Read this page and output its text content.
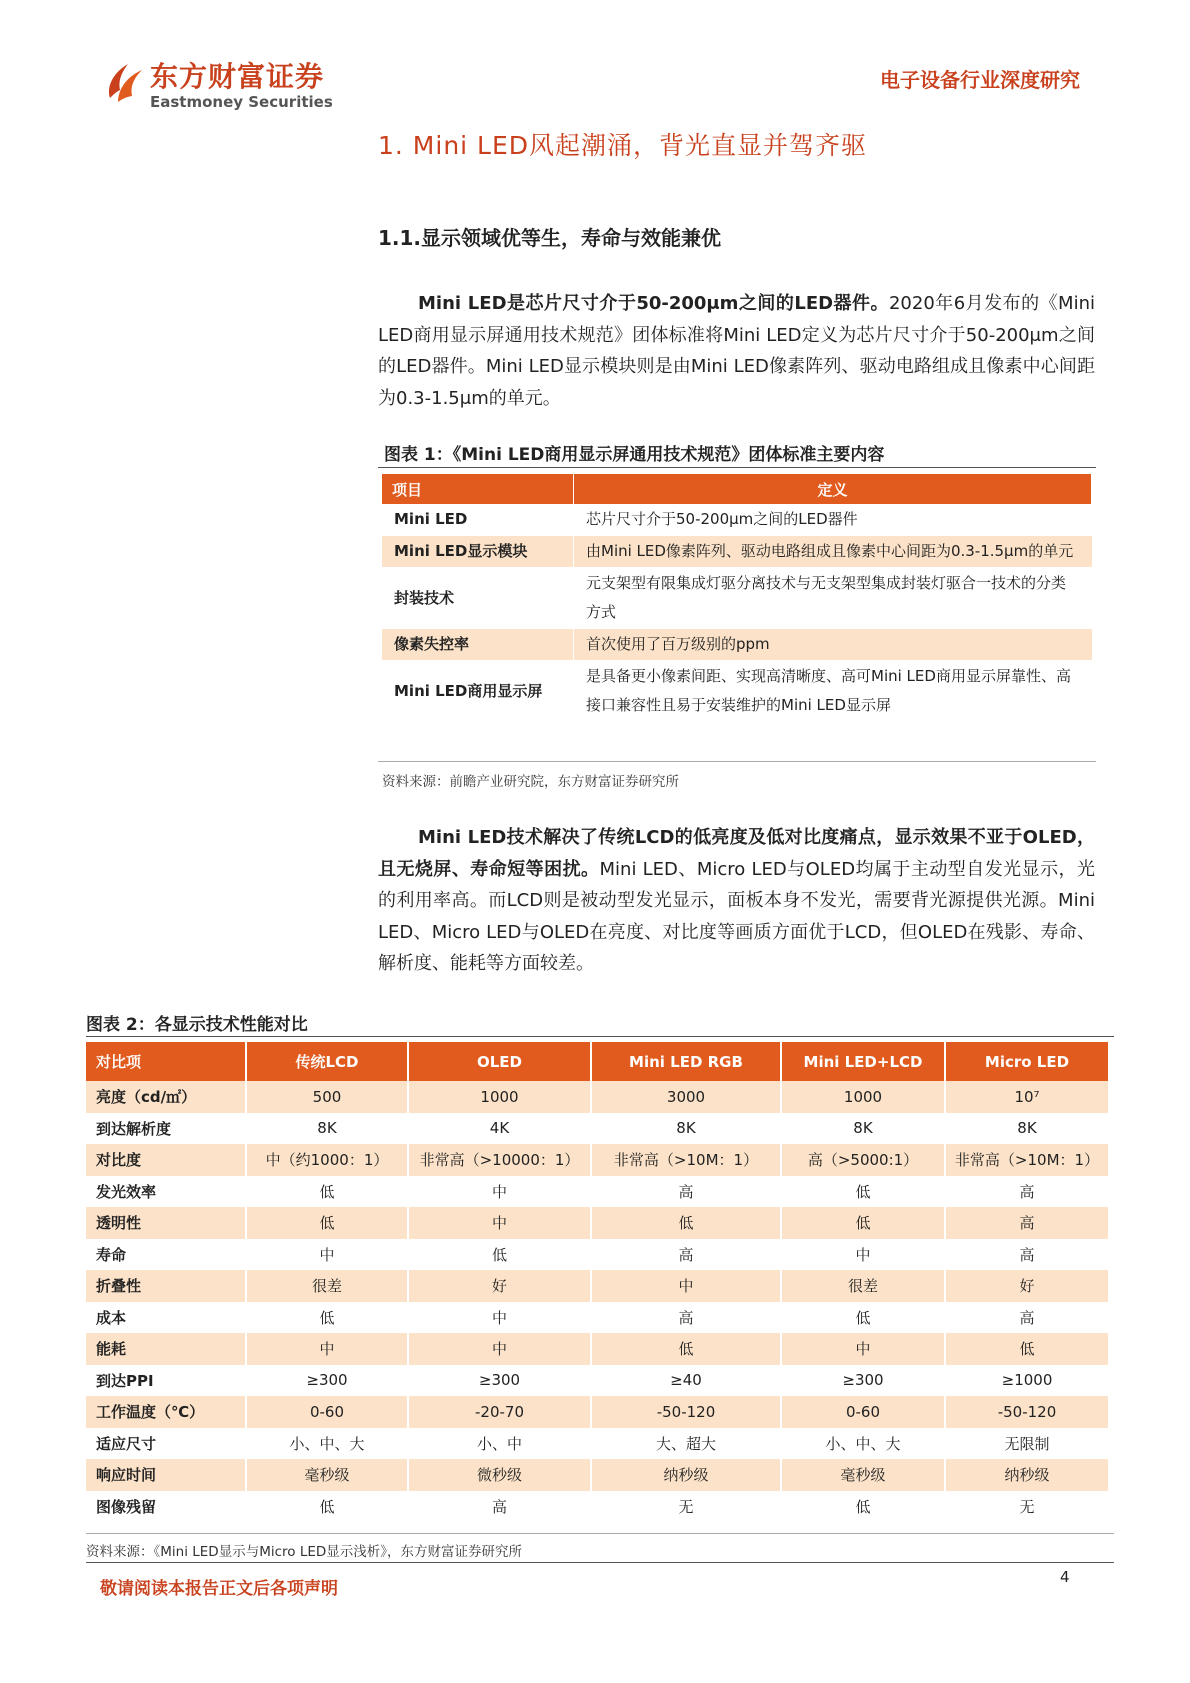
东方财富证券
Eastmoney Securities
电子设备行业深度研究
1. Mini LED风起潮涌，背光直显并驾齐驱
1.1.显示领域优等生，寿命与效能兼优
Mini LED是芯片尺寸介于50-200μm之间的LED器件。2020年6月发布的《Mini LED商用显示屏通用技术规范》团体标准将Mini LED定义为芯片尺寸介于50-200μm之间的LED器件。Mini LED显示模块则是由Mini LED像素阵列、驱动电路组成且像素中心间距为0.3-1.5μm的单元。
图表 1：《Mini LED商用显示屏通用技术规范》团体标准主要内容
项目	定义
Mini LED	芯片尺寸介于50-200μm之间的LED器件
Mini LED显示模块	由Mini LED像素阵列、驱动电路组成且像素中心间距为0.3-1.5μm的单元
封装技术	元支架型有限集成灯驱分离技术与无支架型集成封装灯驱合一技术的分类方式
像素失控率	首次使用了百万级别的ppm
Mini LED商用显示屏	是具备更小像素间距、实现高清晰度、高可Mini LED商用显示屏靠性、高接口兼容性且易于安装维护的Mini LED显示屏
资料来源：前瞻产业研究院，东方财富证券研究所
Mini LED技术解决了传统LCD的低亮度及低对比度痛点，显示效果不亚于OLED，且无烧屏、寿命短等困扰。Mini LED、Micro LED与OLED均属于主动型自发光显示，光的利用率高。而LCD则是被动型发光显示，面板本身不发光，需要背光源提供光源。Mini LED、Micro LED与OLED在亮度、对比度等画质方面优于LCD，但OLED在残影、寿命、解析度、能耗等方面较差。
图表 2：各显示技术性能对比
对比项	传统LCD	OLED	Mini LED RGB	Mini LED+LCD	Micro LED
亮度（cd/㎡）	500	1000	3000	1000	10⁷
到达解析度	8K	4K	8K	8K	8K
对比度	中（约1000：1）	非常高（>10000：1）	非常高（>10M：1）	高（>5000:1）	非常高（>10M：1）
发光效率	低	中	高	低	高
透明性	低	中	低	低	高
寿命	中	低	高	中	高
折叠性	很差	好	中	很差	好
成本	低	中	高	低	高
能耗	中	中	低	中	低
到达PPI	≥300	≥300	≥40	≥300	≥1000
工作温度（℃）	0-60	-20-70	-50-120	0-60	-50-120
适应尺寸	小、中、大	小、中	大、超大	小、中、大	无限制
响应时间	毫秒级	微秒级	纳秒级	毫秒级	纳秒级
图像残留	低	高	无	低	无
资料来源：《Mini LED显示与Micro LED显示浅析》，东方财富证券研究所
敬请阅读本报告正文后各项声明
4
